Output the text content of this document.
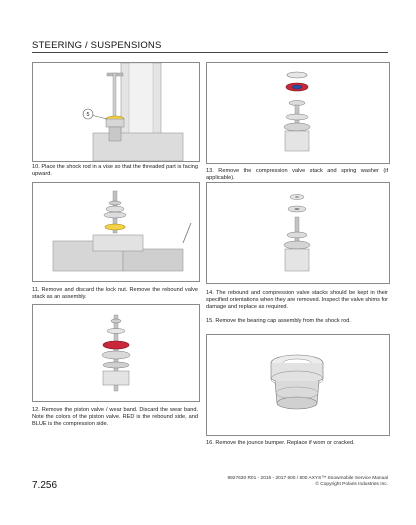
STEERING / SUSPENSIONS
5
10. Place the shock rod in a vise so that the threaded part is facing upward.
11. Remove and discard the lock nut. Remove the rebound valve stack as an assembly.
12. Remove the piston valve / wear band. Discard the wear band. Note the colors of the piston valve. RED is the rebound side, and BLUE is the compression side.
13. Remove the compression valve stack and spring washer (if applicable).
14. The rebound and compression valve stacks should be kept in their specified orientations when they are removed. Inspect the valve shims for damage and replace as required.
15. Remove the bearing cap assembly from the shock rod.
16. Remove the jounce bumper. Replace if worn or cracked.
7.256
9927630 R01 - 2015 - 2017 600 / 800 AXYS™ Snowmobile Service Manual
© Copyright Polaris Industries Inc.
